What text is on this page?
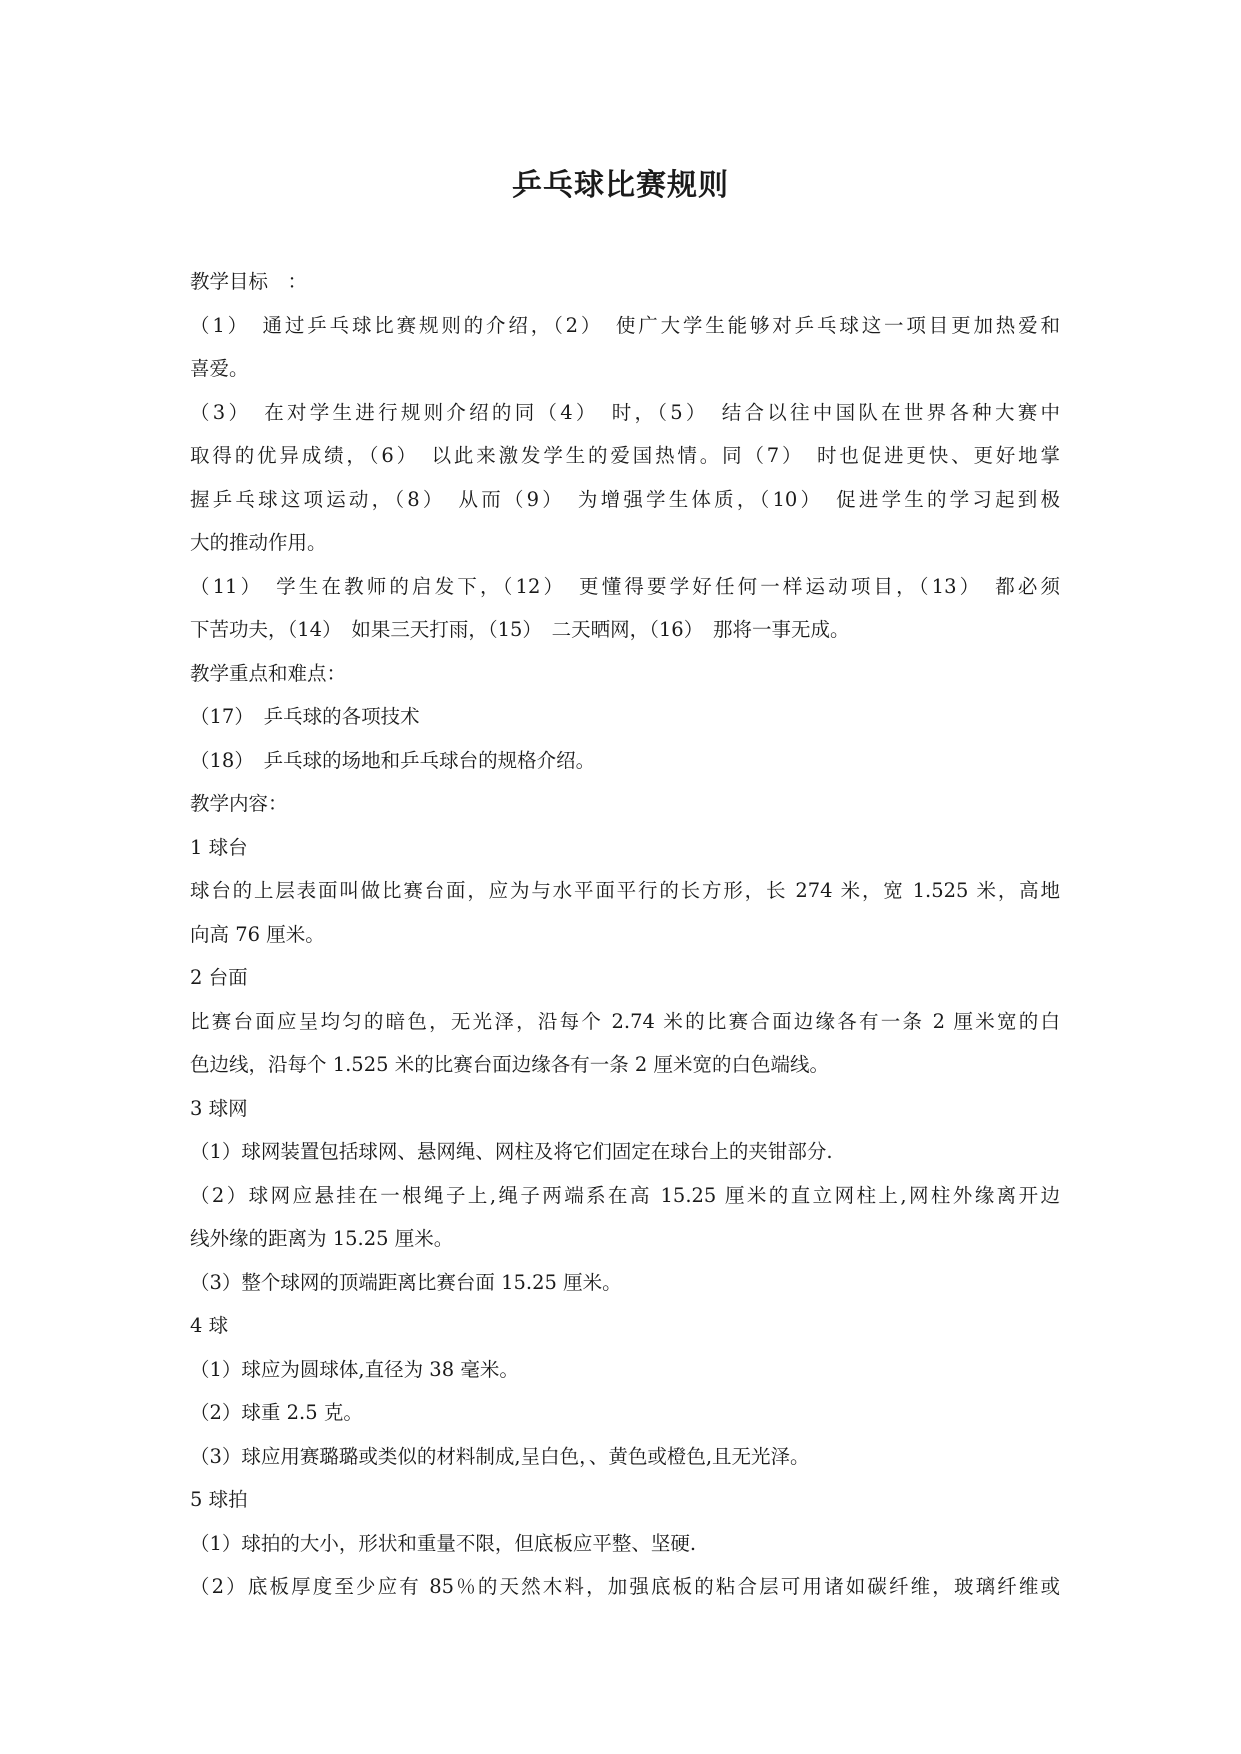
乒乓球比赛规则
教学目标　：
（1）　通过乒乓球比赛规则的介绍，（2）　使广大学生能够对乒乓球这一项目更加热爱和
喜爱。
（3）　在对学生进行规则介绍的同（4）　时，（5）　结合以往中国队在世界各种大赛中
取得的优异成绩，（6）　以此来激发学生的爱国热情。同（7）　时也促进更快、更好地掌
握乒乓球这项运动，（8）　从而（9）　为增强学生体质，（10）　促进学生的学习起到极
大的推动作用。
（11）　学生在教师的启发下，（12）　更懂得要学好任何一样运动项目，（13）　都必须
下苦功夫，（14）　如果三天打雨，（15）　二天晒网，（16）　那将一事无成。
教学重点和难点：
（17）　乒乓球的各项技术
（18）　乒乓球的场地和乒乓球台的规格介绍。
教学内容：
1 球台
球台的上层表面叫做比赛台面，应为与水平面平行的长方形，长 274 米，宽 1.525 米，高地
向高 76 厘米。
2 台面
比赛台面应呈均匀的暗色，无光泽，沿每个 2.74 米的比赛合面边缘各有一条 2 厘米宽的白
色边线，沿每个 1.525 米的比赛台面边缘各有一条 2 厘米宽的白色端线。
3 球网
（1）球网装置包括球网、悬网绳、网柱及将它们固定在球台上的夹钳部分.
（2）球网应悬挂在一根绳子上,绳子两端系在高 15.25 厘米的直立网柱上,网柱外缘离开边
线外缘的距离为 15.25 厘米。
（3）整个球网的顶端距离比赛台面 15.25 厘米。
4 球
（1）球应为圆球体,直径为 38 毫米。
（2）球重 2.5 克。
（3）球应用赛璐璐或类似的材料制成,呈白色，、黄色或橙色,且无光泽。
5 球拍
（1）球拍的大小，形状和重量不限，但底板应平整、坚硬.
（2）底板厚度至少应有 85％的天然木料，加强底板的粘合层可用诸如碳纤维，玻璃纤维或
